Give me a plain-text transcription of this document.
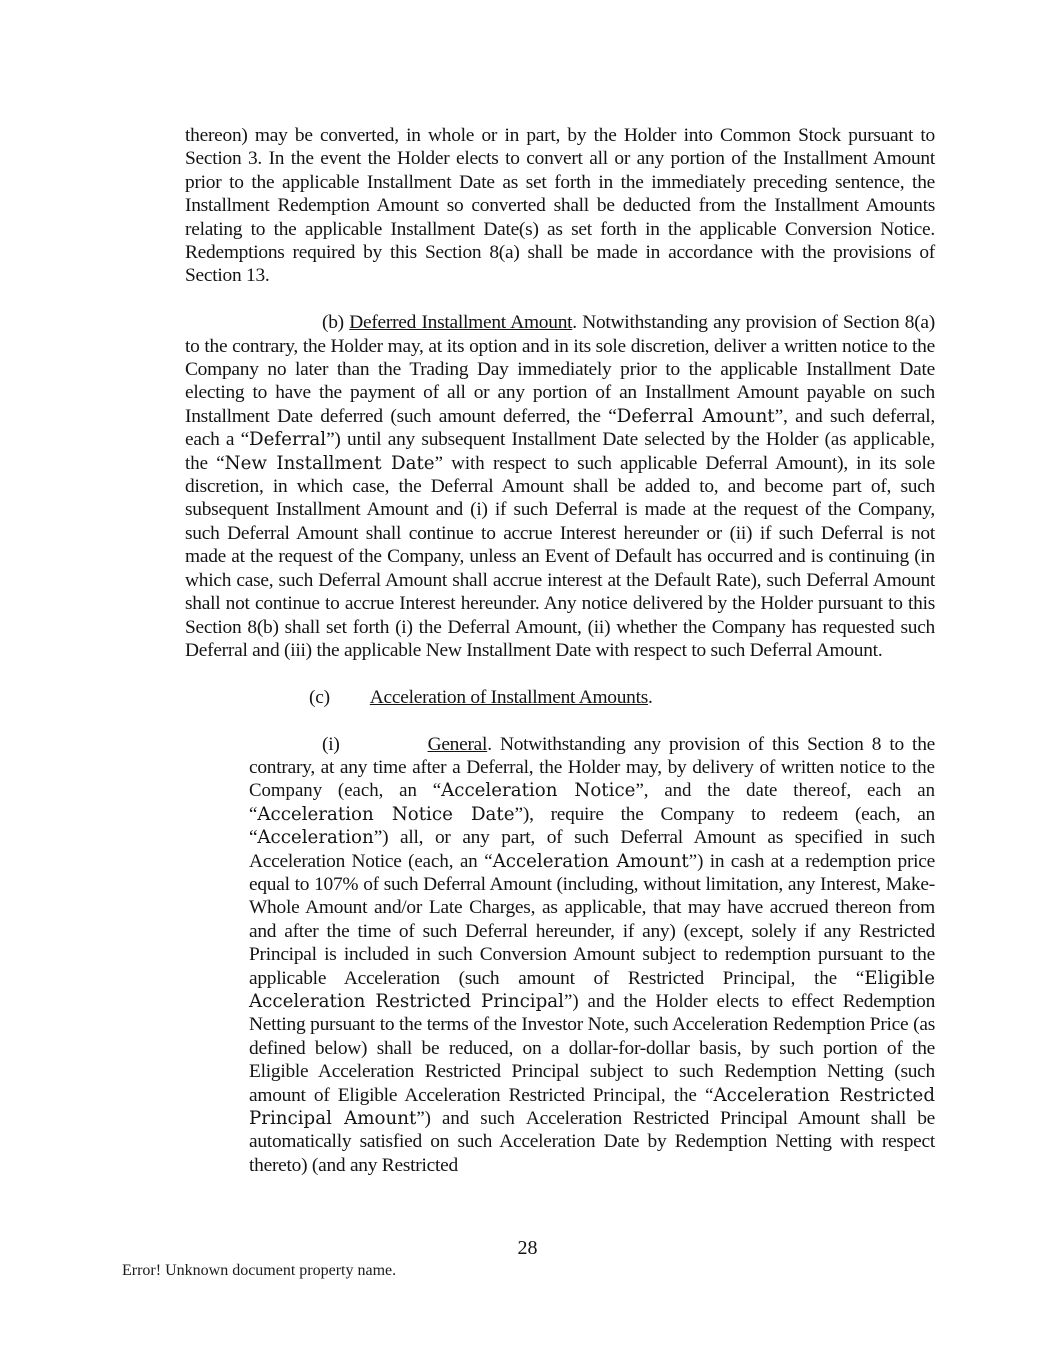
thereon) may be converted, in whole or in part, by the Holder into Common Stock pursuant to Section 3. In the event the Holder elects to convert all or any portion of the Installment Amount prior to the applicable Installment Date as set forth in the immediately preceding sentence, the Installment Redemption Amount so converted shall be deducted from the Installment Amounts relating to the applicable Installment Date(s) as set forth in the applicable Conversion Notice. Redemptions required by this Section 8(a) shall be made in accordance with the provisions of Section 13.

(b) Deferred Installment Amount. Notwithstanding any provision of Section 8(a) to the contrary, the Holder may, at its option and in its sole discretion, deliver a written notice to the Company no later than the Trading Day immediately prior to the applicable Installment Date electing to have the payment of all or any portion of an Installment Amount payable on such Installment Date deferred (such amount deferred, the “Deferral Amount”, and such deferral, each a “Deferral”) until any subsequent Installment Date selected by the Holder (as applicable, the “New Installment Date” with respect to such applicable Deferral Amount), in its sole discretion, in which case, the Deferral Amount shall be added to, and become part of, such subsequent Installment Amount and (i) if such Deferral is made at the request of the Company, such Deferral Amount shall continue to accrue Interest hereunder or (ii) if such Deferral is not made at the request of the Company, unless an Event of Default has occurred and is continuing (in which case, such Deferral Amount shall accrue interest at the Default Rate), such Deferral Amount shall not continue to accrue Interest hereunder. Any notice delivered by the Holder pursuant to this Section 8(b) shall set forth (i) the Deferral Amount, (ii) whether the Company has requested such Deferral and (iii) the applicable New Installment Date with respect to such Deferral Amount.

(c) Acceleration of Installment Amounts.

(i)	General. Notwithstanding any provision of this Section 8 to the contrary, at any time after a Deferral, the Holder may, by delivery of written notice to the Company (each, an “Acceleration Notice”, and the date thereof, each an “Acceleration Notice Date”), require the Company to redeem (each, an “Acceleration”) all, or any part, of such Deferral Amount as specified in such Acceleration Notice (each, an “Acceleration Amount”) in cash at a redemption price equal to 107% of such Deferral Amount (including, without limitation, any Interest, Make-Whole Amount and/or Late Charges, as applicable, that may have accrued thereon from and after the time of such Deferral hereunder, if any) (except, solely if any Restricted Principal is included in such Conversion Amount subject to redemption pursuant to the applicable Acceleration (such amount of Restricted Principal, the “Eligible Acceleration Restricted Principal”) and the Holder elects to effect Redemption Netting pursuant to the terms of the Investor Note, such Acceleration Redemption Price (as defined below) shall be reduced, on a dollar-for-dollar basis, by such portion of the Eligible Acceleration Restricted Principal subject to such Redemption Netting (such amount of Eligible Acceleration Restricted Principal, the “Acceleration Restricted Principal Amount”) and such Acceleration Restricted Principal Amount shall be automatically satisfied on such Acceleration Date by Redemption Netting with respect thereto) (and any Restricted

28
Error! Unknown document property name.
